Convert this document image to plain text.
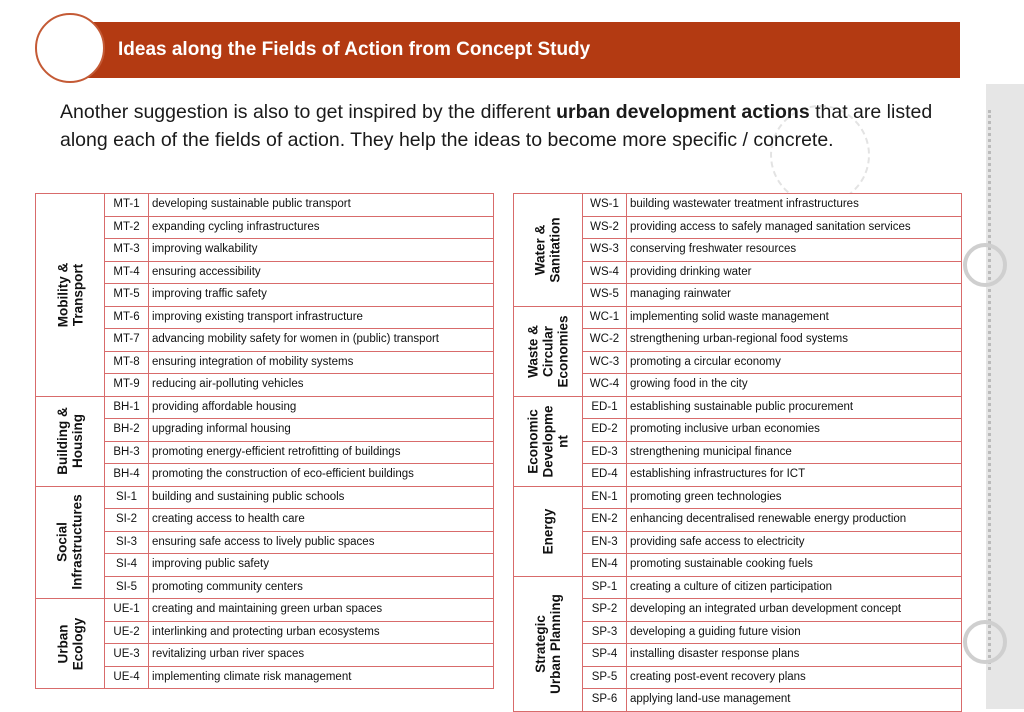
Ideas along the Fields of Action from Concept Study
Another suggestion is also to get inspired by the different urban development actions that are listed along each of the fields of action. They help the ideas to become more specific / concrete.
Mobility &
Transport
MT-1	developing sustainable public transport
MT-2	expanding cycling infrastructures
MT-3	improving walkability
MT-4	ensuring accessibility
MT-5	improving traffic safety
MT-6	improving existing transport infrastructure
MT-7	advancing mobility safety for women in (public) transport
MT-8	ensuring integration of mobility systems
MT-9	reducing air-polluting vehicles
Building &
Housing
BH-1	providing affordable housing
BH-2	upgrading informal housing
BH-3	promoting energy-efficient retrofitting of buildings
BH-4	promoting the construction of eco-efficient buildings
Social
Infrastructures	SI-1	building and sustaining public schools
SI-2	creating access to health care
SI-3	ensuring safe access to lively public spaces
SI-4	improving public safety
SI-5	promoting community centers
Urban
Ecology
UE-1	creating and maintaining green urban spaces
UE-2	interlinking and protecting urban ecosystems
UE-3	revitalizing urban river spaces
UE-4	implementing climate risk management
Water &
Sanitation
WS-1 building wastewater treatment infrastructures
WS-2 providing access to safely managed sanitation services
WS-3 conserving freshwater resources
WS-4 providing drinking water
WS-5 managing rainwater
Waste &
Circular
Economies	WC-1 implementing solid waste management
WC-2 strengthening urban-regional food systems
WC-3 promoting a circular economy
WC-4 growing food in the city
Economic
Developme
nt
ED-1	establishing sustainable public procurement
ED-2	promoting inclusive urban economies
ED-3	strengthening municipal finance
ED-4	establishing infrastructures for ICT
Energy
EN-1	promoting green technologies
EN-2	enhancing decentralised renewable energy production
EN-3	providing safe access to electricity
EN-4	promoting sustainable cooking fuels
Strategic
Urban Planning
SP-1	creating a culture of citizen participation
SP-2	developing an integrated urban development concept
SP-3	developing a guiding future vision
SP-4	installing disaster response plans
SP-5	creating post-event recovery plans
SP-6	applying land-use management
